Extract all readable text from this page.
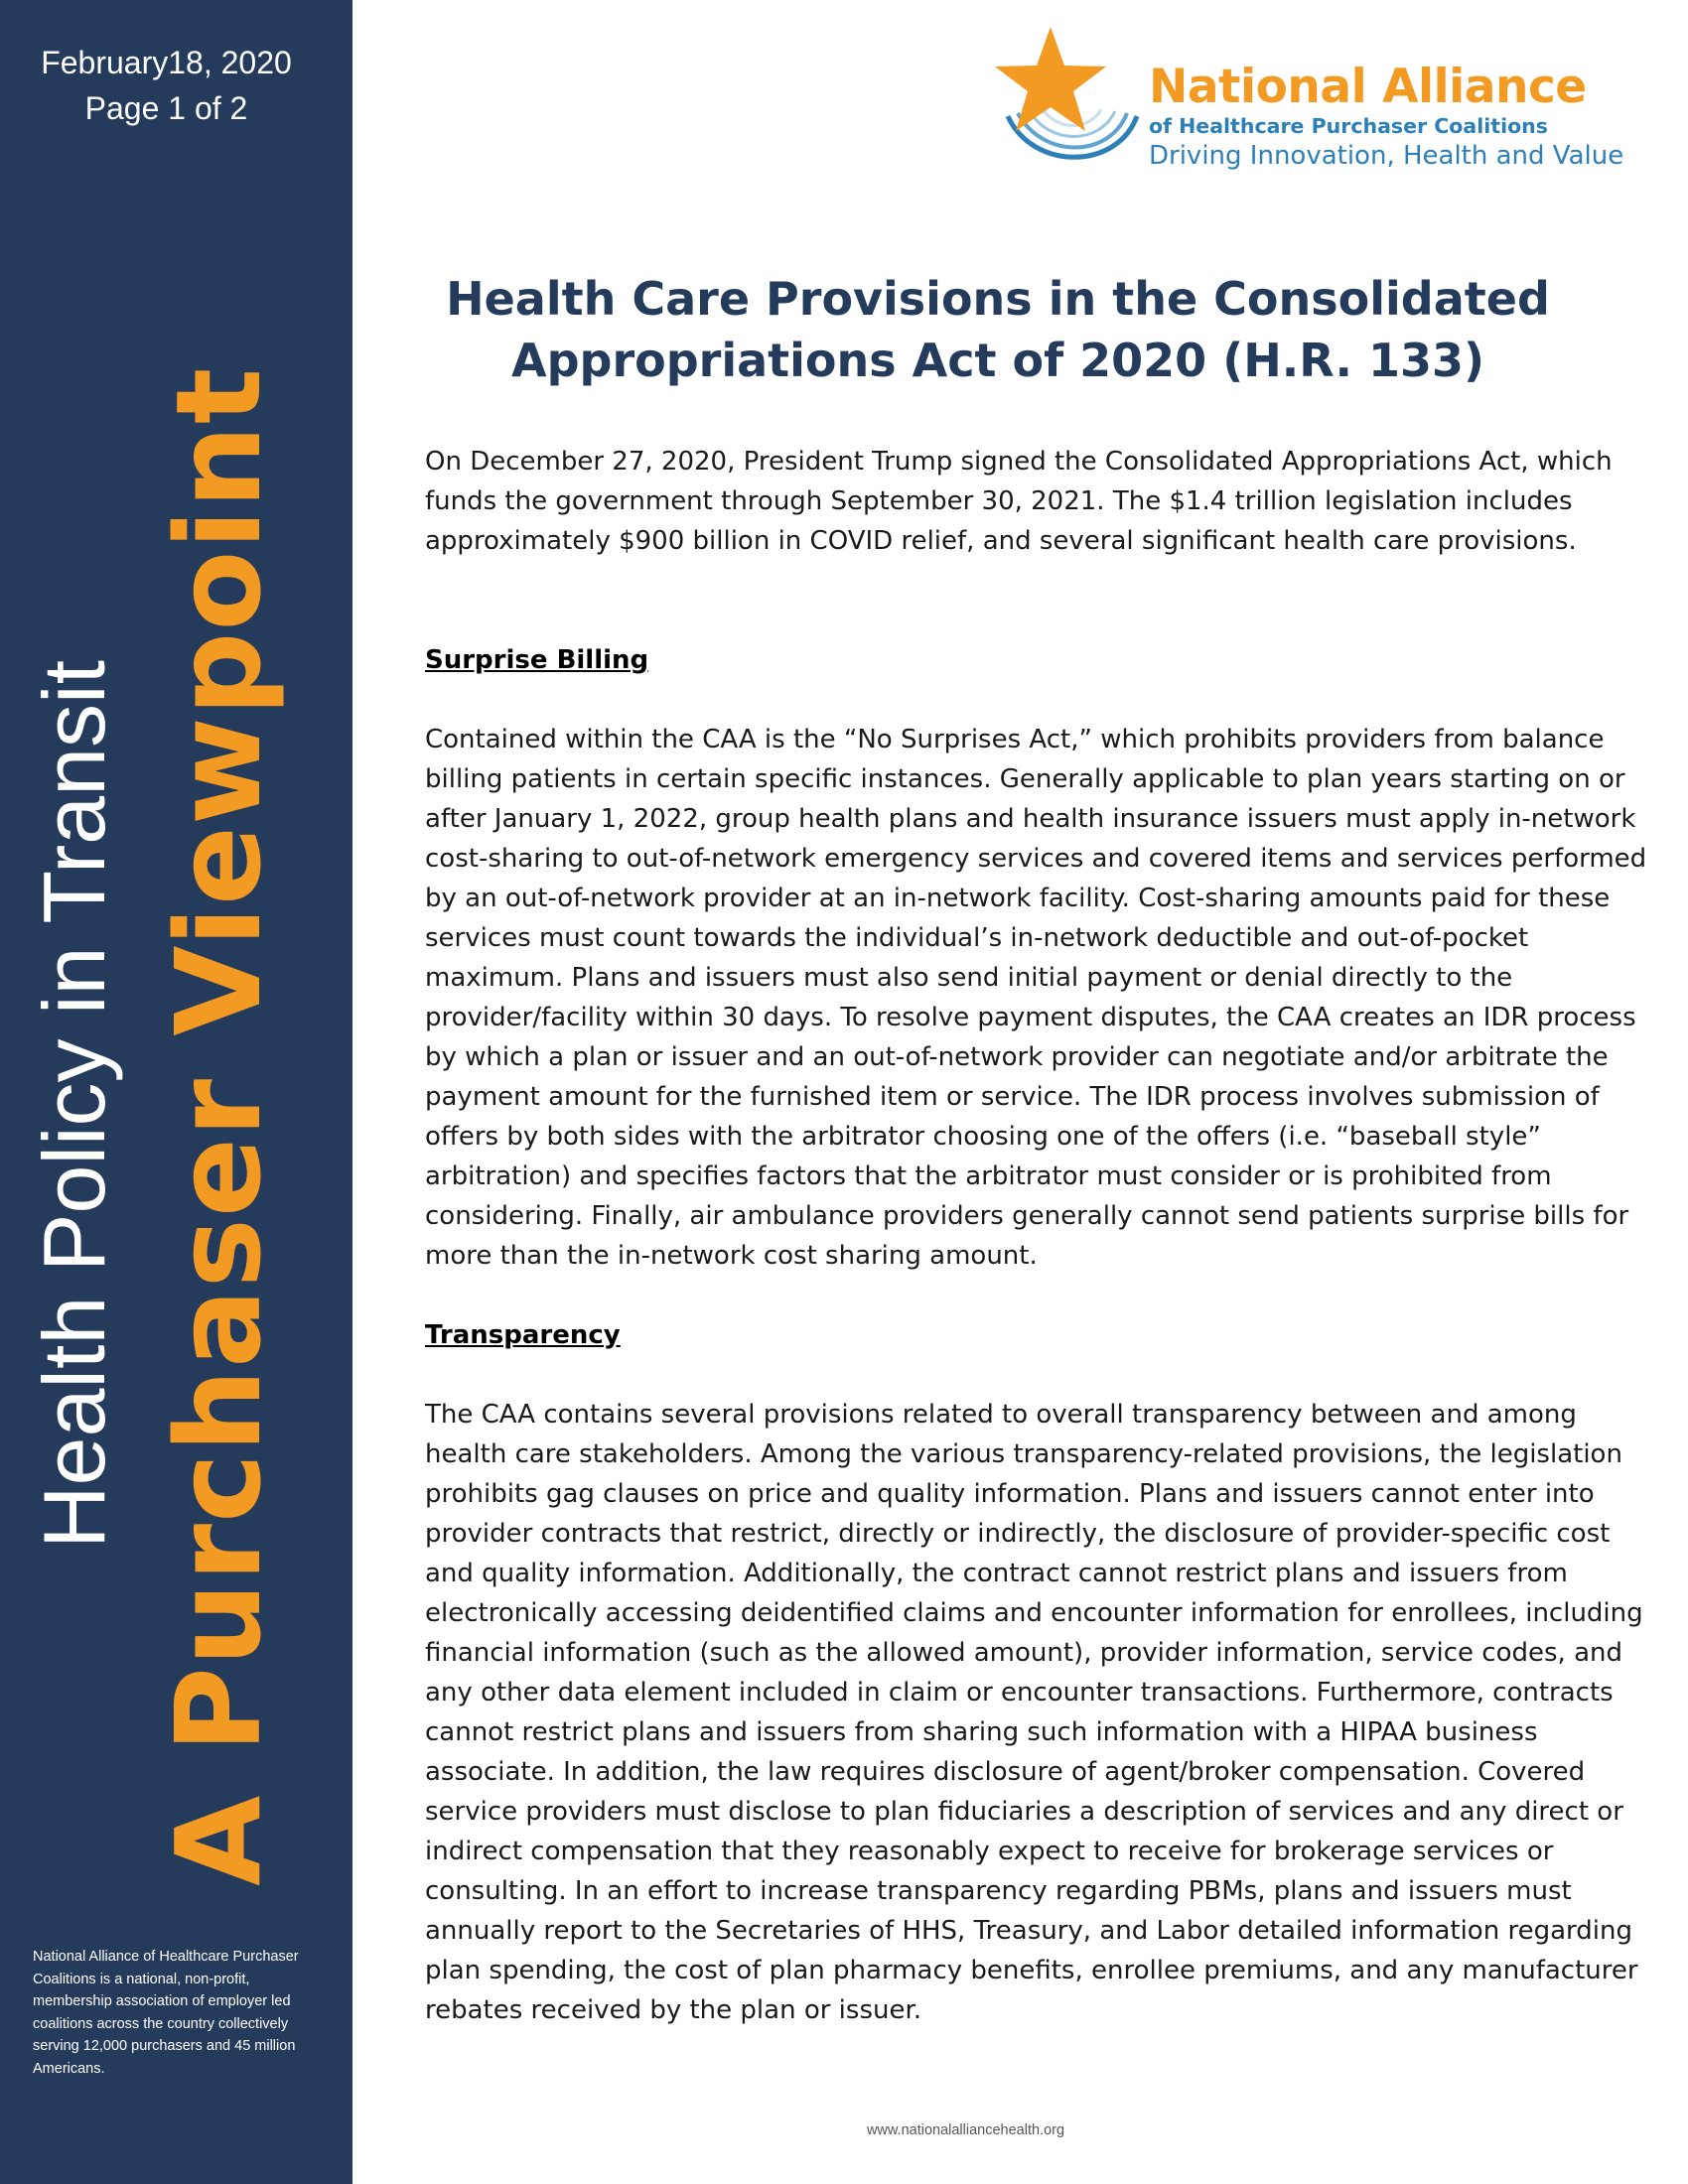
February18, 2020
Page 1 of 2
Health Policy in Transit A Purchaser Viewpoint
National Alliance of Healthcare Purchaser Coalitions is a national, non-profit, membership association of employer led coalitions across the country collectively serving 12,000 purchasers and 45 million Americans.
National Alliance
of Healthcare Purchaser Coalitions
Driving Innovation, Health and Value
Health Care Provisions in the Consolidated
Appropriations Act of 2020 (H.R. 133)

On December 27, 2020, President Trump signed the Consolidated Appropriations Act, which funds the government through September 30, 2021. The $1.4 trillion legislation includes approximately $900 billion in COVID relief, and several significant health care provisions.

Surprise Billing

Contained within the CAA is the “No Surprises Act,” which prohibits providers from balance billing patients in certain specific instances. Generally applicable to plan years starting on or after January 1, 2022, group health plans and health insurance issuers must apply in-network cost-sharing to out-of-network emergency services and covered items and services performed by an out-of-network provider at an in-network facility. Cost-sharing amounts paid for these services must count towards the individual’s in-network deductible and out-of-pocket maximum. Plans and issuers must also send initial payment or denial directly to the provider/facility within 30 days. To resolve payment disputes, the CAA creates an IDR process by which a plan or issuer and an out-of-network provider can negotiate and/or arbitrate the payment amount for the furnished item or service. The IDR process involves submission of offers by both sides with the arbitrator choosing one of the offers (i.e. “baseball style” arbitration) and specifies factors that the arbitrator must consider or is prohibited from considering. Finally, air ambulance providers generally cannot send patients surprise bills for more than the in-network cost sharing amount.

Transparency

The CAA contains several provisions related to overall transparency between and among health care stakeholders. Among the various transparency-related provisions, the legislation prohibits gag clauses on price and quality information. Plans and issuers cannot enter into provider contracts that restrict, directly or indirectly, the disclosure of provider-specific cost and quality information. Additionally, the contract cannot restrict plans and issuers from electronically accessing deidentified claims and encounter information for enrollees, including financial information (such as the allowed amount), provider information, service codes, and any other data element included in claim or encounter transactions. Furthermore, contracts cannot restrict plans and issuers from sharing such information with a HIPAA business associate. In addition, the law requires disclosure of agent/broker compensation. Covered service providers must disclose to plan fiduciaries a description of services and any direct or indirect compensation that they reasonably expect to receive for brokerage services or consulting. In an effort to increase transparency regarding PBMs, plans and issuers must annually report to the Secretaries of HHS, Treasury, and Labor detailed information regarding plan spending, the cost of plan pharmacy benefits, enrollee premiums, and any manufacturer rebates received by the plan or issuer.

www.nationalalliancehealth.org
